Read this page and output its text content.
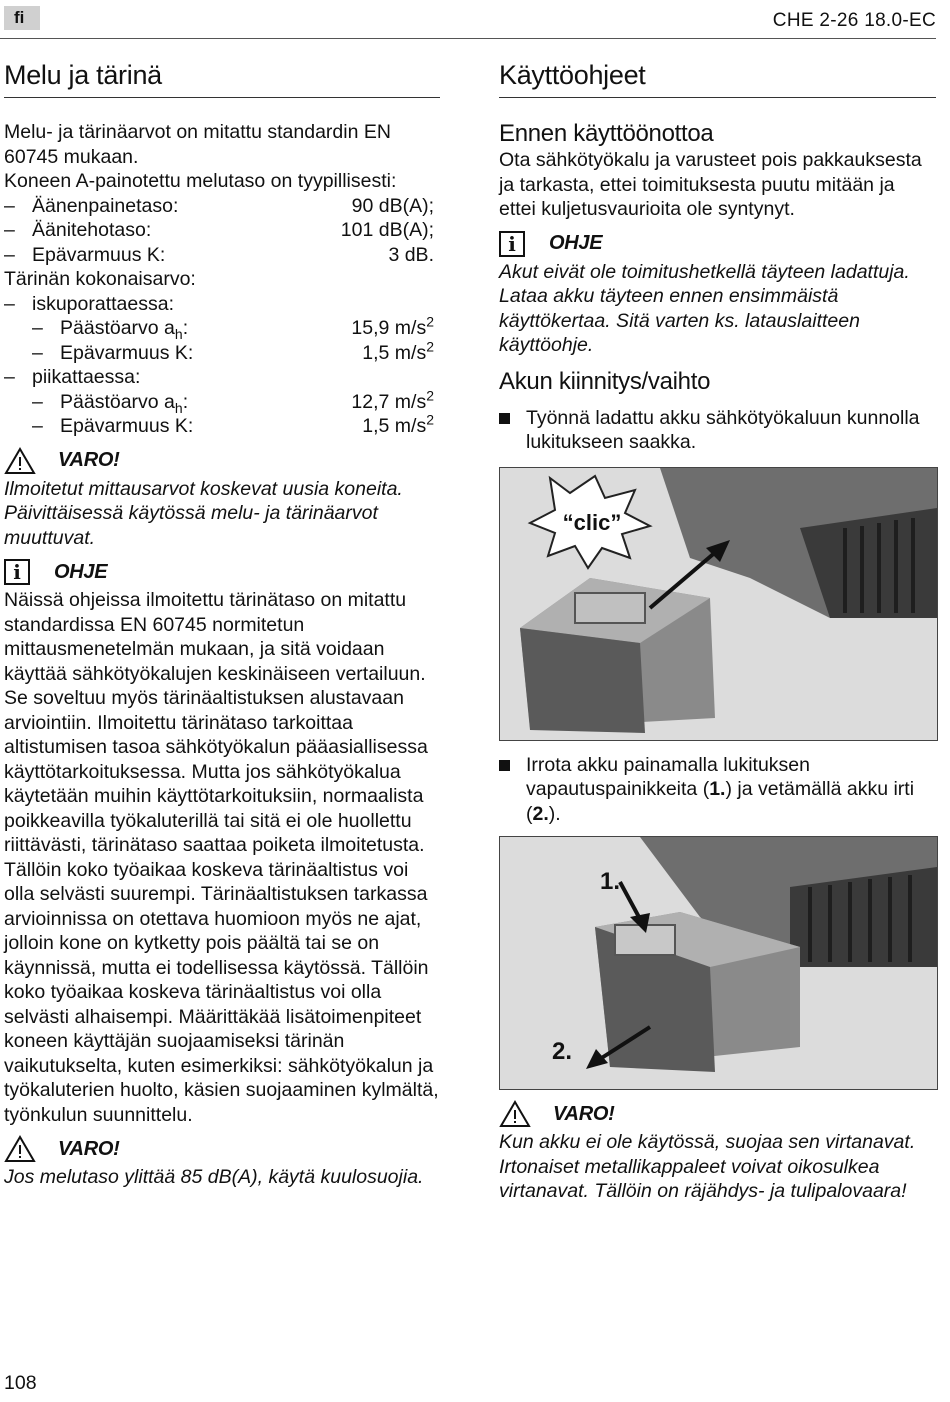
fi	CHE 2-26 18.0-EC
Melu ja tärinä

Melu- ja tärinäarvot on mitattu standardin EN 60745 mukaan.

Koneen A-painotettu melutaso on tyypillisesti:

– Äänenpainetaso:	90 dB(A);
– Äänitehotaso:	101 dB(A);
– Epävarmuus K:	3 dB.

Tärinän kokonaisarvo:

– iskuporattaessa:
– Päästöarvo $a_h$:	15,9 $m/s^2$
– Epävarmuus K:	1,5 $m/s^2$
– piikattaessa:
– Päästöarvo $a_h$:	12,7 $m/s^2$
– Epävarmuus K:	1,5 $m/s^2$
VARO!

Ilmoitetut mittausarvot koskevat uusia koneita. Päivittäisessä käytössä melu- ja tärinäarvot muuttuvat.

i	OHJE

Näissä ohjeissa ilmoitettu tärinätaso on mitattu standardissa EN 60745 normitetun mittausmenetelmän mukaan, ja sitä voidaan käyttää sähkötyökalujen keskinäiseen vertailuun. Se soveltuu myös tärinäaltistuksen alustavaan arviointiin. Ilmoitettu tärinätaso tarkoittaa altistumisen tasoa sähkötyökalun pääasiallisessa käyttötarkoituksessa. Mutta jos sähkötyökalua käytetään muihin käyttötarkoituksiin, normaalista poikkeavilla työkaluterillä tai sitä ei ole huollettu riittävästi, tärinätaso saattaa poiketa ilmoitetusta. Tällöin koko työaikaa koskeva tärinäaltistus voi olla selvästi suurempi. Tärinäaltistuksen tarkassa arvioinnissa on otettava huomioon myös ne ajat, jolloin kone on kytketty pois päältä tai se on käynnissä, mutta ei todellisessa käytössä. Tällöin koko työaikaa koskeva tärinäaltistus voi olla selvästi alhaisempi. Määrittäkää lisätoimenpiteet koneen käyttäjän suojaamiseksi tärinän vaikutukselta, kuten esimerkiksi: sähkötyökalun ja työkaluterien huolto, käsien suojaaminen kylmältä, työnkulun suunnittelu.

VARO!

Jos melutaso ylittää 85 dB(A), käytä kuulosuojia.

Käyttöohjeet
Ennen käyttöönottoa

Ota sähkötyökalu ja varusteet pois pakkauksesta ja tarkasta, ettei toimituksesta puutu mitään ja ettei kuljetusvaurioita ole syntynyt.

i	OHJE

Akut eivät ole toimitushetkellä täyteen ladattuja. Lataa akku täyteen ennen ensimmäistä käyttökertaa. Sitä varten ks. latauslaitteen käyttöohje.

Akun kiinnitys/vaihto
Työnnä ladattu akku sähkötyökaluun kunnolla lukitukseen saakka.
“clic”
Irrota akku painamalla lukituksen vapautuspainikkeita (1.) ja vetämällä akku irti (2.).
1.
2.
VARO!

Kun akku ei ole käytössä, suojaa sen virtanavat. Irtonaiset metallikappaleet voivat oikosulkea virtanavat. Tällöin on räjähdys- ja tulipalovaara!

108
